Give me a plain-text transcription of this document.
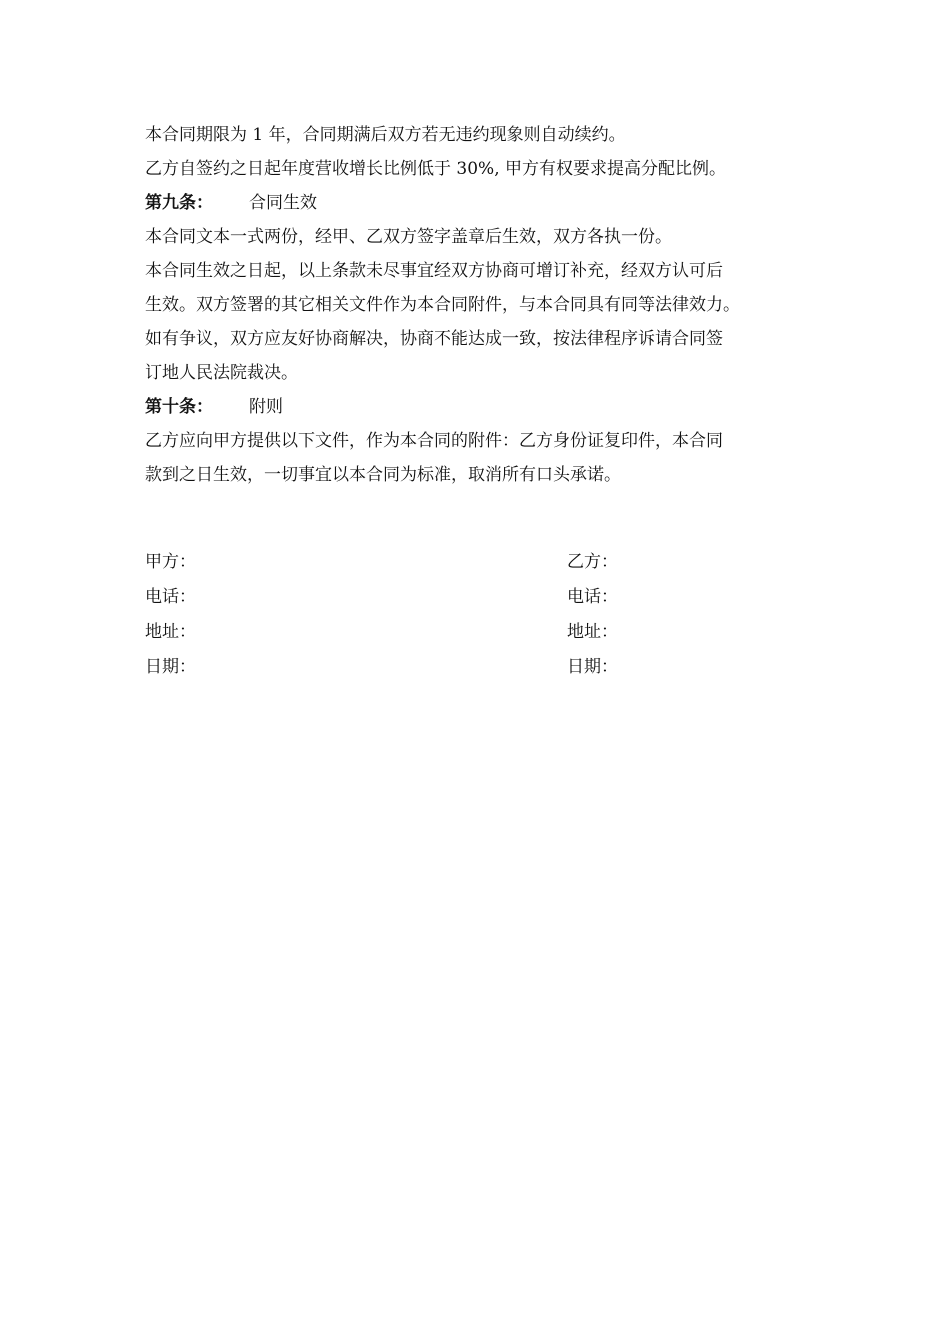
本合同期限为 1 年，合同期满后双方若无违约现象则自动续约。
乙方自签约之日起年度营收增长比例低于 30%, 甲方有权要求提高分配比例。
第九条： 合同生效
本合同文本一式两份，经甲、乙双方签字盖章后生效，双方各执一份。
本合同生效之日起，以上条款未尽事宜经双方协商可增订补充，经双方认可后
生效。双方签署的其它相关文件作为本合同附件，与本合同具有同等法律效力。
如有争议，双方应友好协商解决，协商不能达成一致，按法律程序诉请合同签
订地人民法院裁决。
第十条： 附则
乙方应向甲方提供以下文件，作为本合同的附件：乙方身份证复印件，本合同
款到之日生效，一切事宜以本合同为标准，取消所有口头承诺。
甲方：	乙方：
电话：	电话：
地址：	地址：
日期：	日期：
